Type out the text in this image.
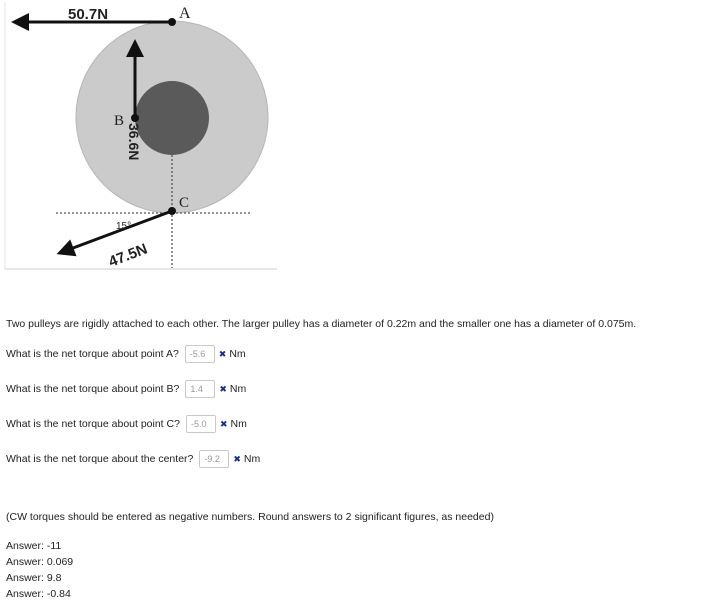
50.7N
36.6N
47.5N
15°
A
B
C
Two pulleys are rigidly attached to each other. The larger pulley has a diameter of 0.22m and the smaller one has a diameter of 0.075m.
What is the net torque about point A?	-5.6	✖ Nm
What is the net torque about point B?	1.4	✖ Nm
What is the net torque about point C?	-5.0	✖ Nm
What is the net torque about the center?	-9.2	✖ Nm
(CW torques should be entered as negative numbers. Round answers to 2 significant figures, as needed)
Answer: -11
Answer: 0.069
Answer: 9.8
Answer: -0.84
